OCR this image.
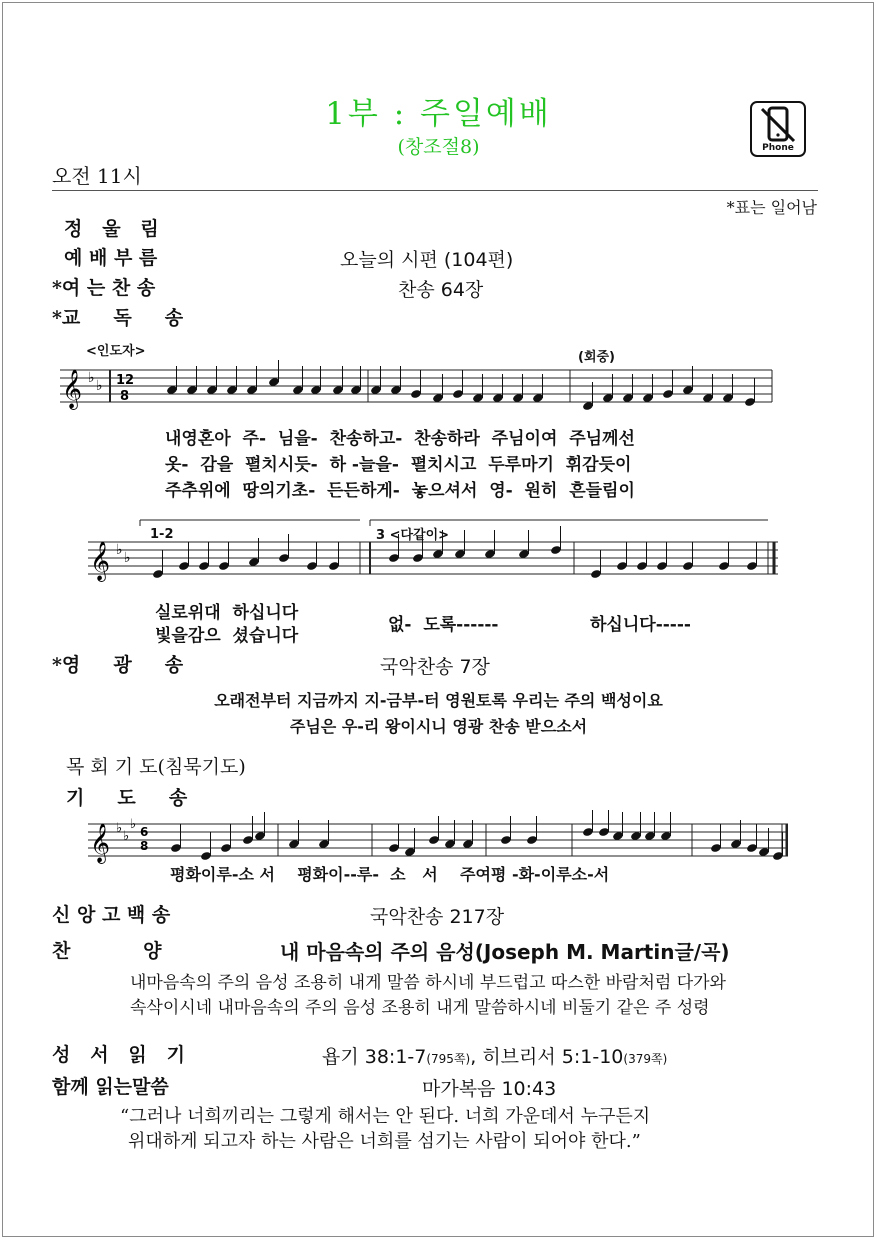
1부 : 주일예배
(창조절8)	Phone
오전 11시
*표는 일어남
정   울   림
예 배 부 름	오늘의 시편 (104편)
*여 는 찬 송	찬송 64장
*교     독     송
<인도자>	(회중)
𝄞 ♭ ♭ 12
8
내영혼아  주-  님을-  찬송하고-  찬송하라  주님이여  주님께선
옷-  감을  펼치시듯-  하 -늘을-  펼치시고  두루마기  휘감듯이
주추위에  땅의기초-  든든하게-  놓으셔서  영-  원히  흔들림이
1-2	3 <다같이>
𝄞 ♭ ♭
실로위대  하십니다
빛을감으  셨습니다
없-  도록------	하십니다-----
*영     광     송	국악찬송 7장
오래전부터 지금까지 지-금부-터 영원토록 우리는 주의 백성이요
주님은 우-리 왕이시니 영광 찬송 받으소서
목 회 기 도(침묵기도)
기     도     송
𝄞 ♭
♭
♭ 6
8
평화이루-소 서    평화이--루-  소   서    주여평 -화-이루소-서
신 앙 고 백 송	국악찬송 217장
찬           양	내 마음속의 주의 음성(Joseph M. Martin글/곡)
내마음속의 주의 음성 조용히 내게 말씀 하시네 부드럽고 따스한 바람처럼 다가와
속삭이시네 내마음속의 주의 음성 조용히 내게 말씀하시네 비둘기 같은 주 성령
성   서   읽   기	욥기 38:1-7(795쪽), 히브리서 5:1-10(379쪽)
함께 읽는말씀	마가복음 10:43
“그러나 너희끼리는 그렇게 해서는 안 된다. 너희 가운데서 누구든지
위대하게 되고자 하는 사람은 너희를 섬기는 사람이 되어야 한다.”
